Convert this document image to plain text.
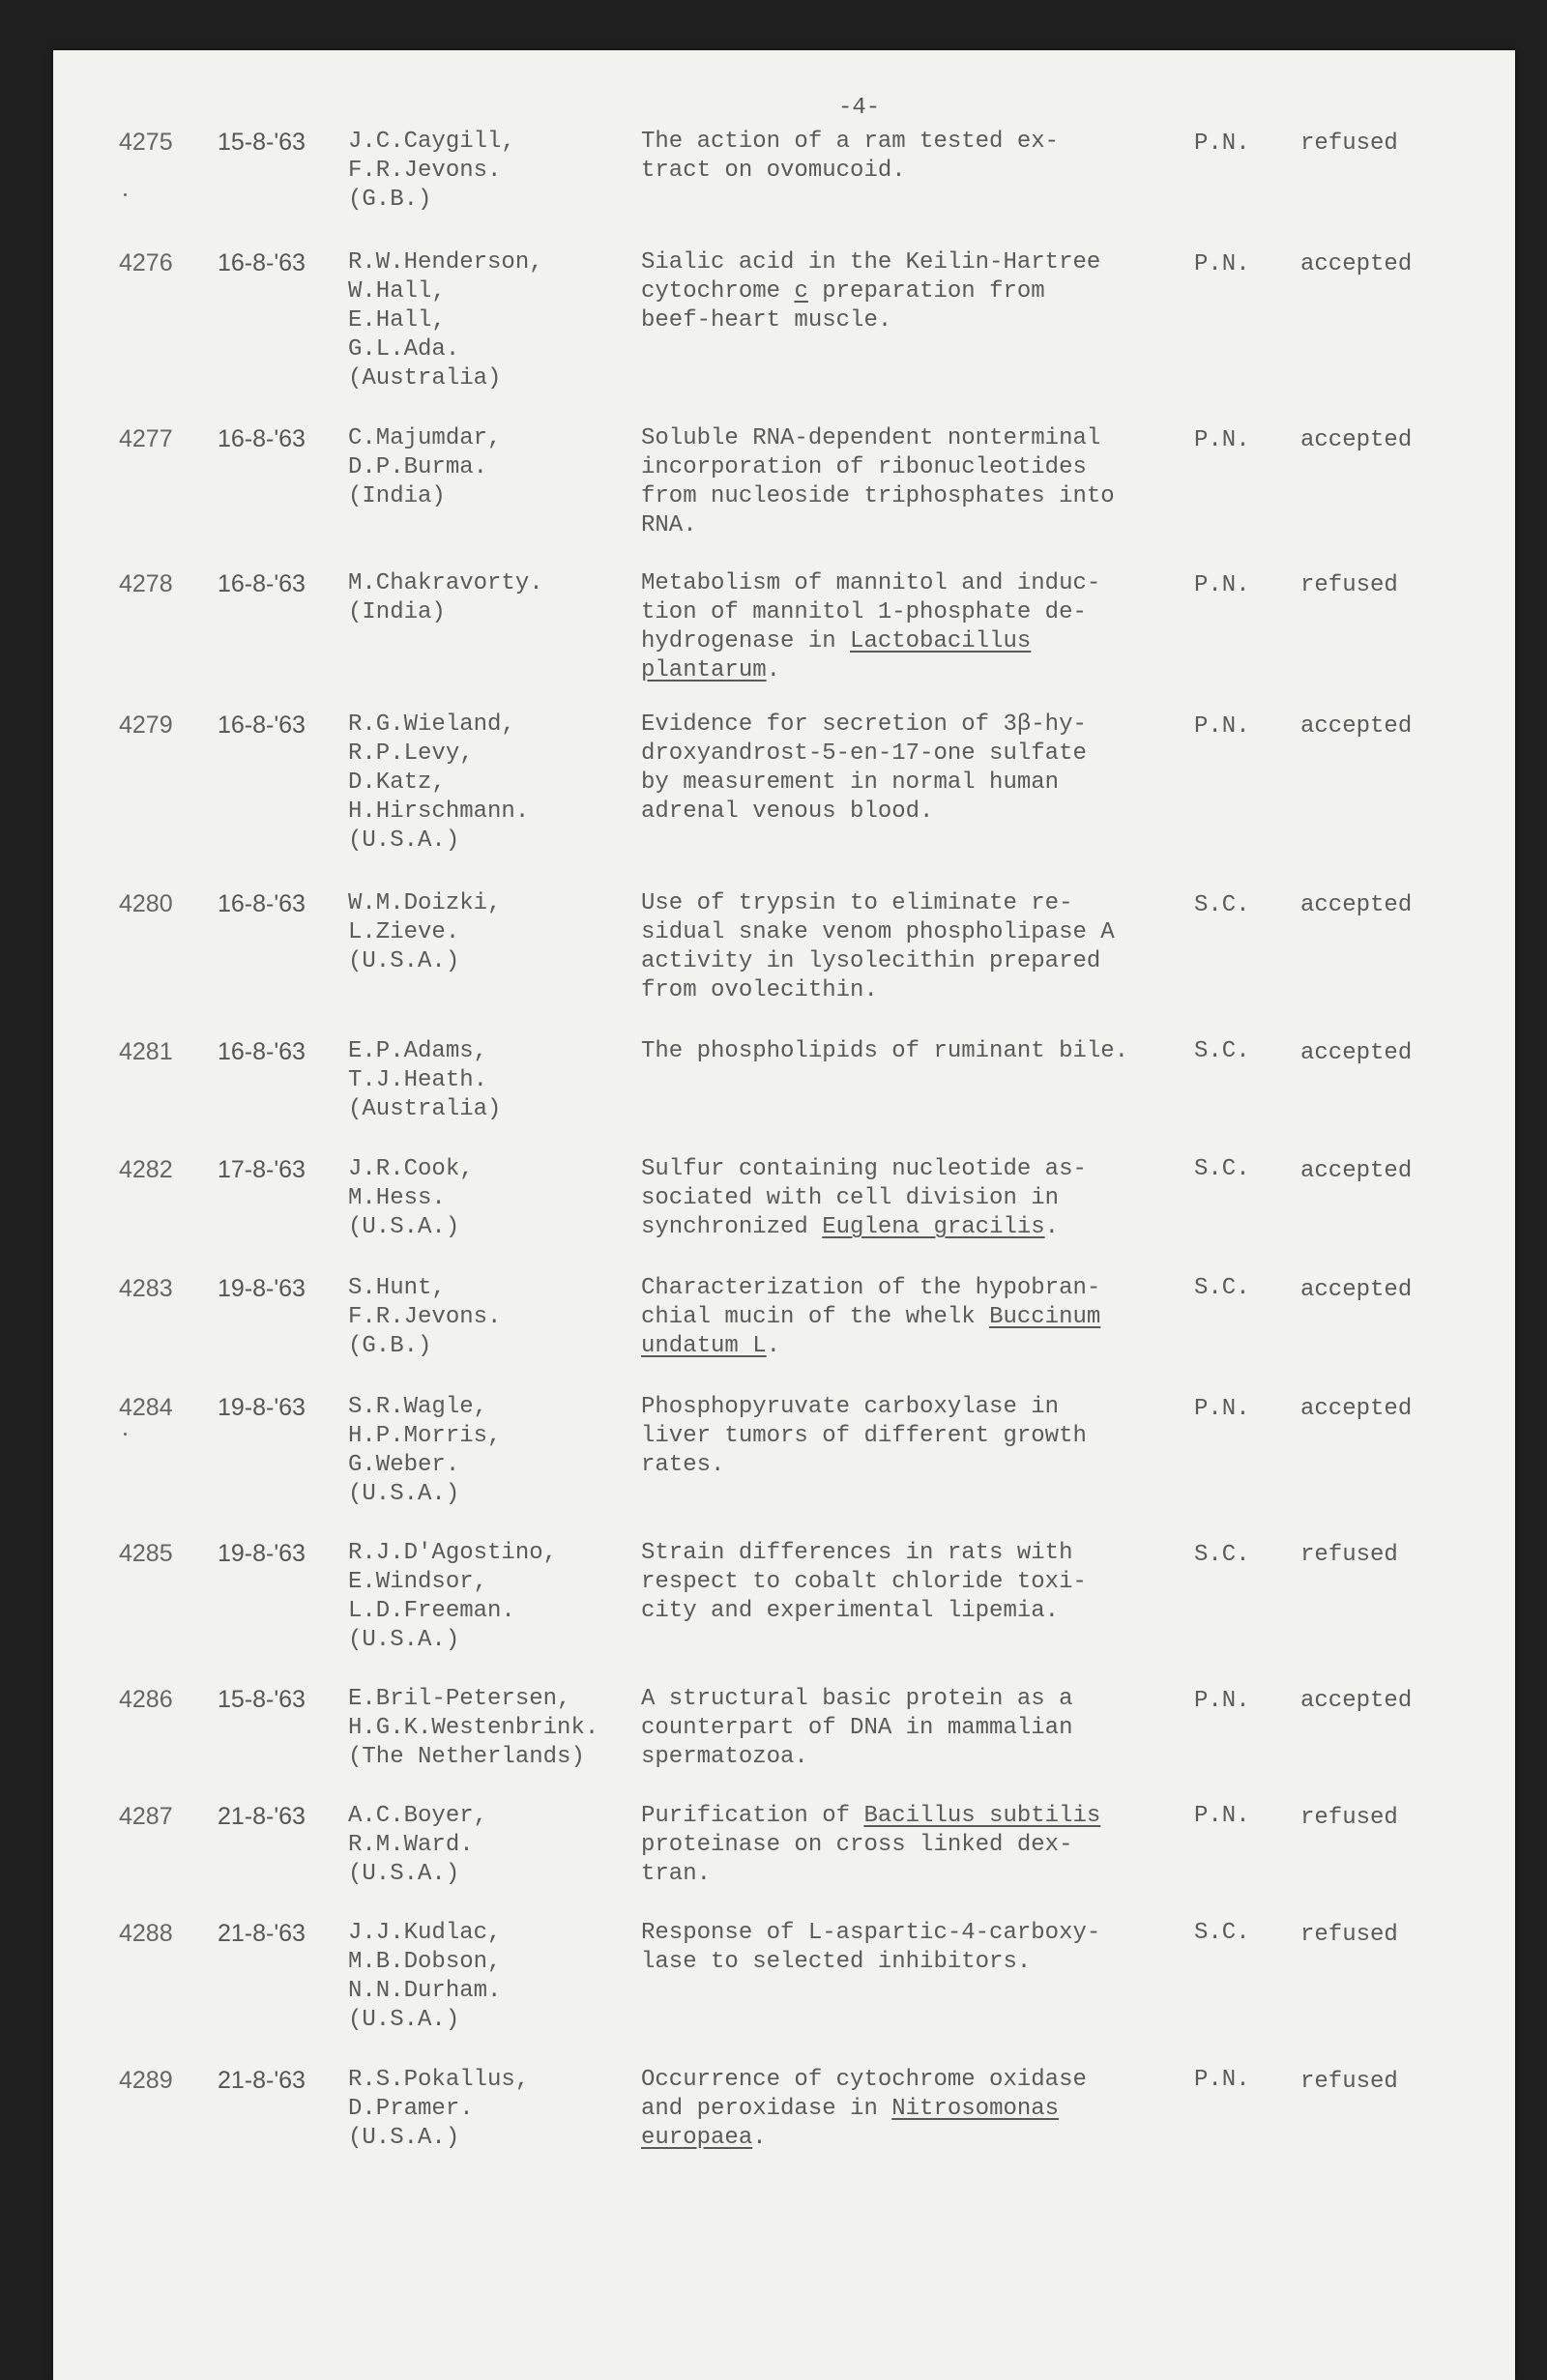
-4-
4275 15-8-'63 J.C.Caygill,
F.R.Jevons.
(G.B.)
The action of a ram tested ex-
tract on ovomucoid.
P.N. refused
4276 16-8-'63 R.W.Henderson,
W.Hall,
E.Hall,
G.L.Ada.
(Australia)
Sialic acid in the Keilin-Hartree
cytochrome c preparation from
beef-heart muscle.
P.N. accepted
4277 16-8-'63 C.Majumdar,
D.P.Burma.
(India)
Soluble RNA-dependent nonterminal
incorporation of ribonucleotides
from nucleoside triphosphates into
RNA.
P.N. accepted
4278 16-8-'63 M.Chakravorty.
(India)
Metabolism of mannitol and induc-
tion of mannitol 1-phosphate de-
hydrogenase in Lactobacillus
plantarum.
P.N. refused
4279 16-8-'63 R.G.Wieland,
R.P.Levy,
D.Katz,
H.Hirschmann.
(U.S.A.)
Evidence for secretion of 3β-hy-
droxyandrost-5-en-17-one sulfate
by measurement in normal human
adrenal venous blood.
P.N. accepted
4280 16-8-'63 W.M.Doizki,
L.Zieve.
(U.S.A.)
Use of trypsin to eliminate re-
sidual snake venom phospholipase A
activity in lysolecithin prepared
from ovolecithin.
S.C. accepted
4281 16-8-'63 E.P.Adams,
T.J.Heath.
(Australia)
The phospholipids of ruminant bile.	S.C. accepted
4282 17-8-'63 J.R.Cook,
M.Hess.
(U.S.A.)
Sulfur containing nucleotide as-
sociated with cell division in
synchronized Euglena gracilis.
S.C. accepted
4283 19-8-'63 S.Hunt,
F.R.Jevons.
(G.B.)
Characterization of the hypobran-
chial mucin of the whelk Buccinum
undatum L.
S.C. accepted
4284 19-8-'63 S.R.Wagle,
H.P.Morris,
G.Weber.
(U.S.A.)
Phosphopyruvate carboxylase in
liver tumors of different growth
rates.
P.N. accepted
4285 19-8-'63 R.J.D'Agostino,
E.Windsor,
L.D.Freeman.
(U.S.A.)
Strain differences in rats with
respect to cobalt chloride toxi-
city and experimental lipemia.
S.C. refused
4286 15-8-'63 E.Bril-Petersen,
H.G.K.Westenbrink.
(The Netherlands)
A structural basic protein as a
counterpart of DNA in mammalian
spermatozoa.
P.N. accepted
4287 21-8-'63 A.C.Boyer,
R.M.Ward.
(U.S.A.)
Purification of Bacillus subtilis
proteinase on cross linked dex-
tran.
P.N. refused
4288 21-8-'63 J.J.Kudlac,
M.B.Dobson,
N.N.Durham.
(U.S.A.)
Response of L-aspartic-4-carboxy-
lase to selected inhibitors.
S.C. refused
4289 21-8-'63 R.S.Pokallus,
D.Pramer.
(U.S.A.)
Occurrence of cytochrome oxidase
and peroxidase in Nitrosomonas
europaea.
P.N. refused
